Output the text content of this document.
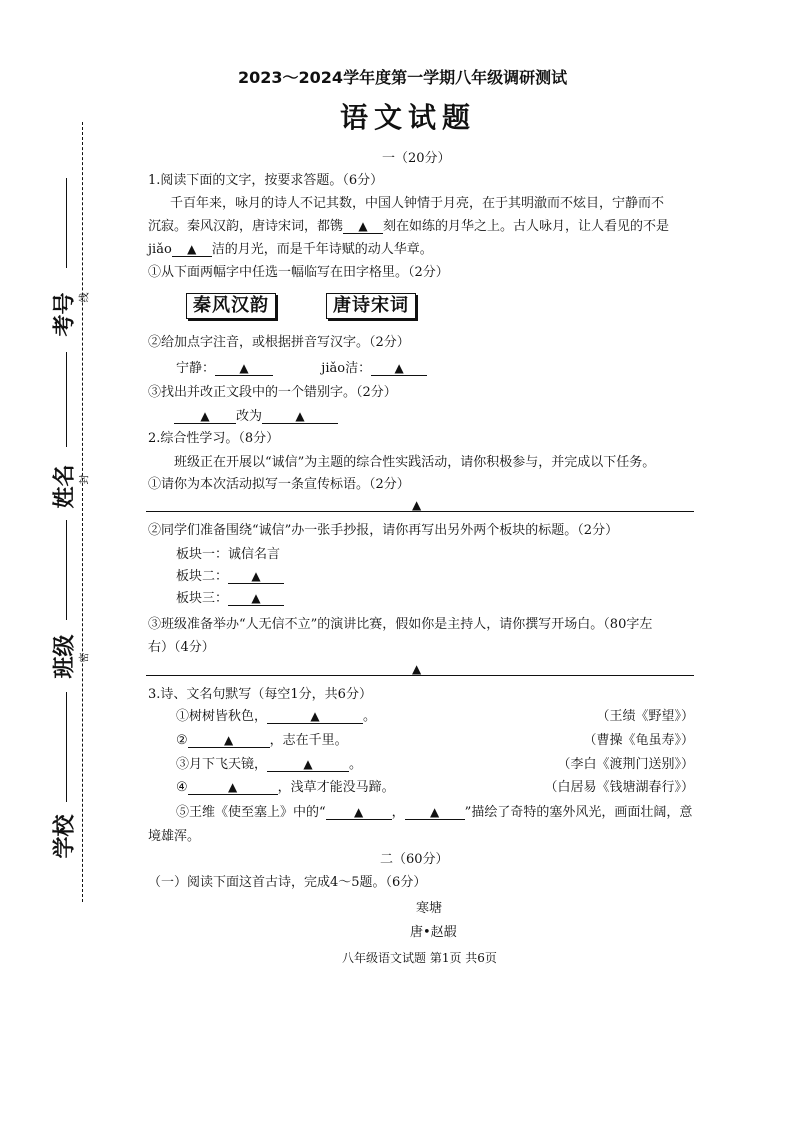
考号 线
姓名 封
班级 密
学校
2023～2024学年度第一学期八年级调研测试
语文试题
一（20分）
1.阅读下面的文字，按要求答题。（6分）
千百年来，咏月的诗人不记其数，中国人钟情于月亮，在于其明澈而不炫目，宁静而不
沉寂。秦风汉韵，唐诗宋词，都镌 ▲ 刻在如练的月华之上。古人咏月，让人看见的不是
jiǎo ▲ 洁的月光，而是千年诗赋的动人华章。
①从下面两幅字中任选一幅临写在田字格里。（2分）
秦风汉韵	唐诗宋词
②给加点字注音，或根据拼音写汉字。（2分）
宁静： ▲	jiǎo洁： ▲
③找出并改正文段中的一个错别字。（2分）
▲ 改为	▲
2.综合性学习。（8分）
班级正在开展以“诚信”为主题的综合性实践活动，请你积极参与，并完成以下任务。
①请你为本次活动拟写一条宣传标语。（2分）
▲
②同学们准备围绕“诚信”办一张手抄报，请你再写出另外两个板块的标题。（2分）
板块一：诚信名言
板块二： ▲
板块三： ▲
③班级准备举办“人无信不立”的演讲比赛，假如你是主持人，请你撰写开场白。（80字左
右）（4分）
▲
3.诗、文名句默写（每空1分，共6分）
①树树皆秋色，	▲	。	（王绩《野望》）
②	▲	，志在千里。	（曹操《龟虽寿》）
③月下飞天镜，	▲	。	（李白《渡荆门送别》）
④	▲	，浅草才能没马蹄。	（白居易《钱塘湖春行》）
⑤王维《使至塞上》中的“ ▲ ， ▲ ”描绘了奇特的塞外风光，画面壮阔，意
境雄浑。
二（60分）
（一）阅读下面这首古诗，完成4～5题。（6分）
寒塘
唐•赵嘏
八年级语文试题 第1页 共6页
